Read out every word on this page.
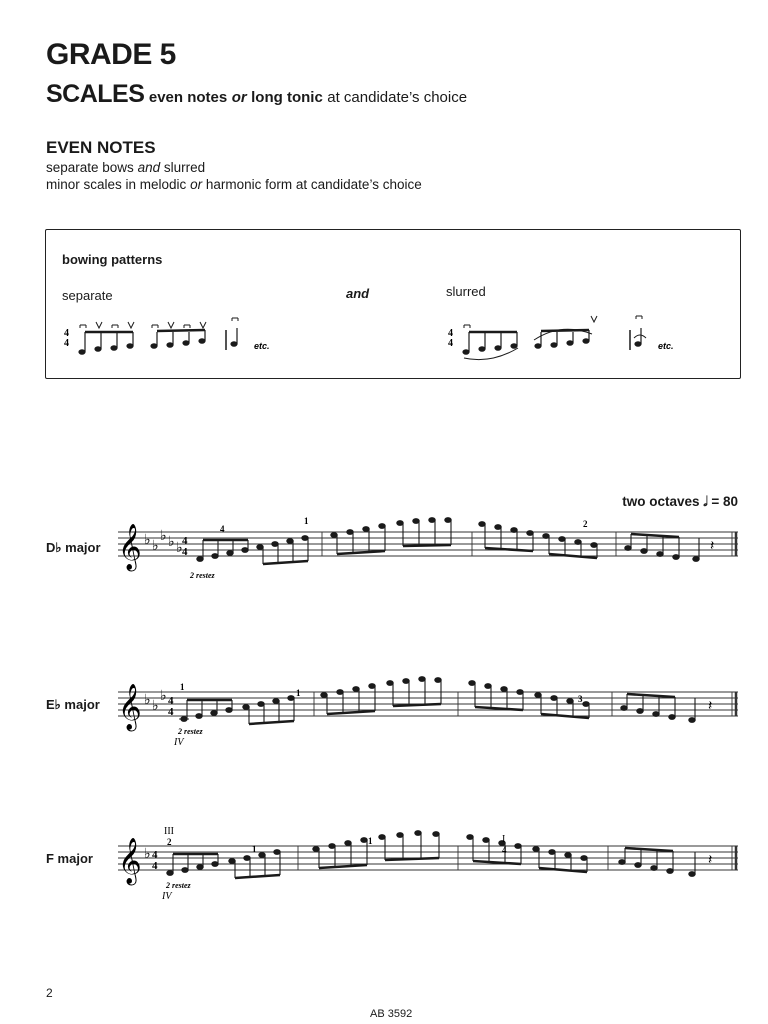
GRADE 5
SCALES even notes or long tonic at candidate’s choice
EVEN NOTES
separate bows and slurred
minor scales in melodic or harmonic form at candidate’s choice
bowing patterns
separate	and	slurred
4
4	etc.
4
4	etc.
two octaves 𝅗𝅥 = 80
D♭ major 𝄞 ♭ ♭
♭ ♭ ♭ 4
4	𝄽
4
1	2
2 restez
E♭ major 𝄞 ♭ ♭
♭ 4
4	𝄽
1
1
3
2 restez
IV
F major 𝄞 ♭ 4
4	𝄽
III
2
1
1	I
4
2 restez
IV
2
AB 3592
